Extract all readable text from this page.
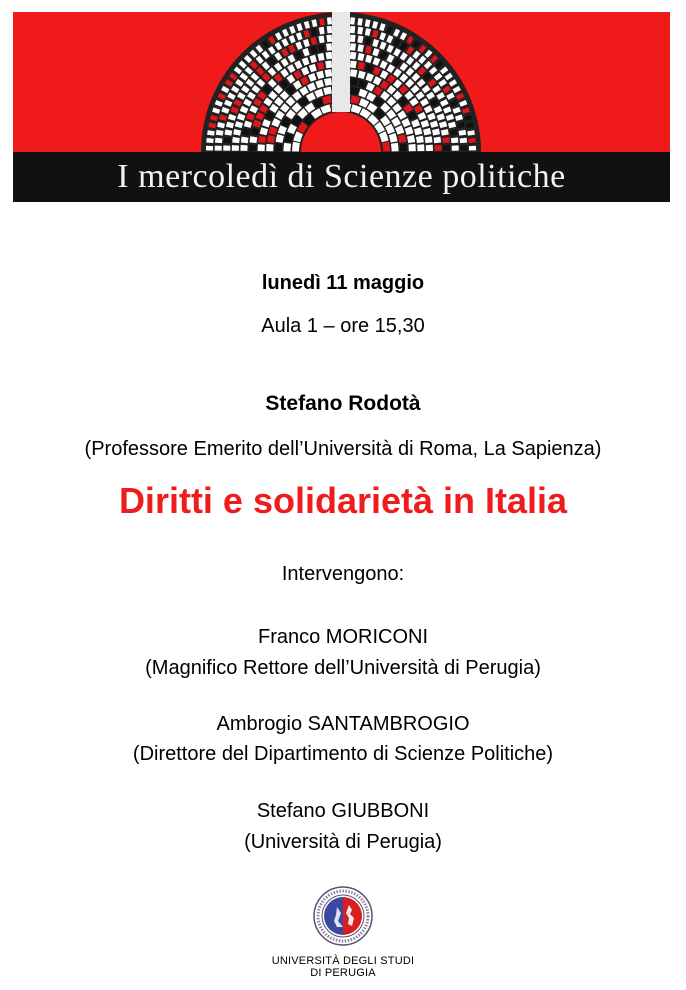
I mercoledì di Scienze politiche
lunedì 11 maggio
Aula 1 – ore 15,30
Stefano Rodotà
(Professore Emerito dell’Università di Roma, La Sapienza)
Diritti e solidarietà in Italia
Intervengono:
Franco MORICONI
(Magnifico Rettore dell’Università di Perugia)
Ambrogio SANTAMBROGIO
(Direttore del Dipartimento di Scienze Politiche)
Stefano GIUBBONI
(Università di Perugia)
UNIVERSITÀ DEGLI STUDI
DI PERUGIA
